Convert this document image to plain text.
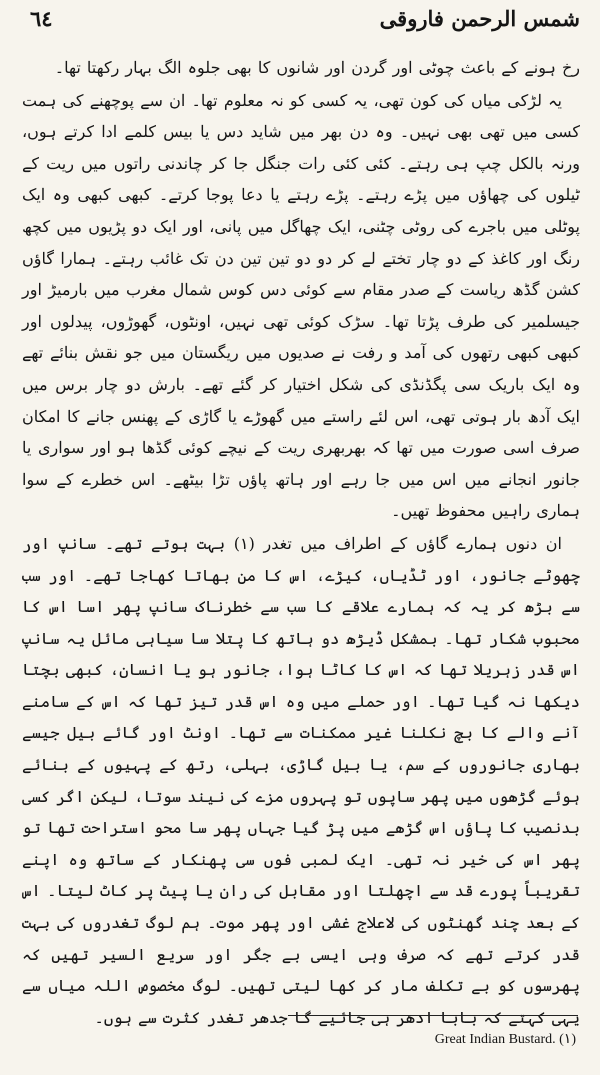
شمس الرحمن فاروقی
٦٤

رخ ہونے کے باعث چوٹی اور گردن اور شانوں کا بھی جلوہ الگ بہار رکھتا تھا۔

یہ لڑکی میاں کی کون تھی، یہ کسی کو نہ معلوم تھا۔ ان سے پوچھنے کی ہمت کسی میں تھی بھی نہیں۔ وہ دن بھر میں شاید دس یا بیس کلمے ادا کرتے ہوں، ورنہ بالکل چپ ہی رہتے۔ کئی کئی رات جنگل جا کر چاندنی راتوں میں ریت کے ٹیلوں کی چھاؤں میں پڑے رہتے۔ پڑے رہتے یا دعا پوجا کرتے۔ کبھی کبھی وہ ایک پوٹلی میں باجرے کی روٹی چٹنی، ایک چھاگل میں پانی، اور ایک دو پڑیوں میں کچھ رنگ اور کاغذ کے دو چار تختے لے کر دو دو تین تین دن تک غائب رہتے۔ ہمارا گاؤں کشن گڈھ ریاست کے صدر مقام سے کوئی دس کوس شمال مغرب میں بارمیڑ اور جیسلمیر کی طرف پڑتا تھا۔ سڑک کوئی تھی نہیں، اونٹوں، گھوڑوں، پیدلوں اور کبھی کبھی رتھوں کی آمد و رفت نے صدیوں میں ریگستان میں جو نقش بنائے تھے وہ ایک باریک سی پگڈنڈی کی شکل اختیار کر گئے تھے۔ بارش دو چار برس میں ایک آدھ بار ہوتی تھی، اس لئے راستے میں گھوڑے یا گاڑی کے پھنس جانے کا امکان صرف اسی صورت میں تھا کہ بھربھری ریت کے نیچے کوئی گڈھا ہو اور سواری یا جانور انجانے میں اس میں جا رہے اور ہاتھ پاؤں تڑا بیٹھے۔ اس خطرے کے سوا ہماری راہیں محفوظ تھیں۔

ان دنوں ہمارے گاؤں کے اطراف میں تغدر (۱) بہت ہوتے تھے۔ سانپ اور چھوٹے جانور، اور ٹڈیاں، کیڑے، اس کا من بھاتا کھاجا تھے۔ اور سب سے بڑھ کر یہ کہ ہمارے علاقے کا سب سے خطرناک سانپ پھر اسا اس کا محبوب شکار تھا۔ بمشکل ڈیڑھ دو ہاتھ کا پتلا سا سیاہی مائل یہ سانپ اس قدر زہریلا تھا کہ اس کا کاٹا ہوا، جانور ہو یا انسان، کبھی بچتا دیکھا نہ گیا تھا۔ اور حملے میں وہ اس قدر تیز تھا کہ اس کے سامنے آنے والے کا بچ نکلنا غیر ممکنات سے تھا۔ اونٹ اور گائے بیل جیسے بھاری جانوروں کے سم، یا بیل گاڑی، بہلی، رتھ کے پہیوں کے بنائے ہوئے گڑھوں میں پھر ساپوں تو پہروں مزے کی نیند سوتا، لیکن اگر کسی بدنصیب کا پاؤں اس گڑھے میں پڑ گیا جہاں پھر سا محو استراحت تھا تو پھر اس کی خیر نہ تھی۔ ایک لمبی فوں سی پھنکار کے ساتھ وہ اپنے تقریباً پورے قد سے اچھلتا اور مقابل کی ران یا پیٹ پر کاٹ لیتا۔ اس کے بعد چند گھنٹوں کی لاعلاج غشی اور پھر موت۔ ہم لوگ تغدروں کی بہت قدر کرتے تھے کہ صرف وہی ایسی بے جگر اور سریع السیر تھیں کہ پھرسوں کو بے تکلف مار کر کھا لیتی تھیں۔ لوگ مخصوص اللہ میاں سے یہی کہتے کہ بابا ادھر ہی جائیے گا جدھر تغدر کثرت سے ہوں۔

Great Indian Bustard. (۱)
